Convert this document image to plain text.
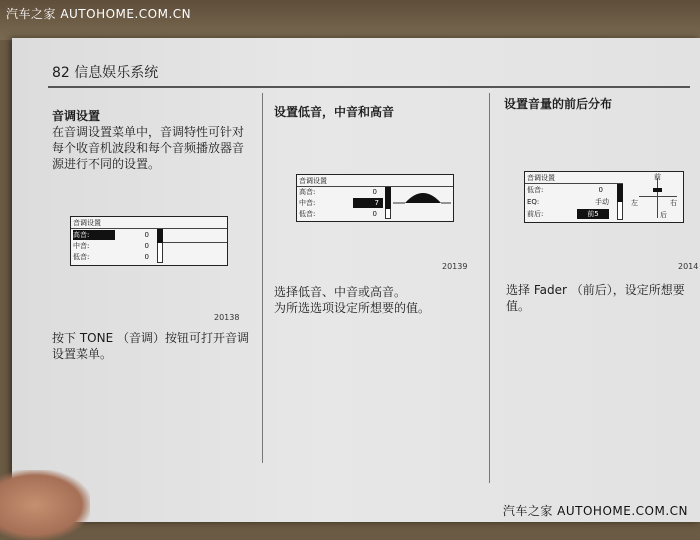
汽车之家 AUTOHOME.COM.CN
82 信息娱乐系统
音调设置
在音调设置菜单中，音调特性可针对
每个收音机波段和每个音频播放器音
源进行不同的设置。
音调设置
高音:	0
中音:	0
低音:	0
20138
按下 TONE （音调）按钮可打开音调
设置菜单。
设置低音，中音和高音
音调设置
高音:	0
中音:	7
低音:	0
20139
选择低音、中音或高音。
为所选选项设定所想要的值。
设置音量的前后分布
音调设置
低音:	0
EQ:	手动
前后:	前5
前
左	右
后
2014
选择 Fader （前后），设定所想要
值。
汽车之家 AUTOHOME.COM.CN
